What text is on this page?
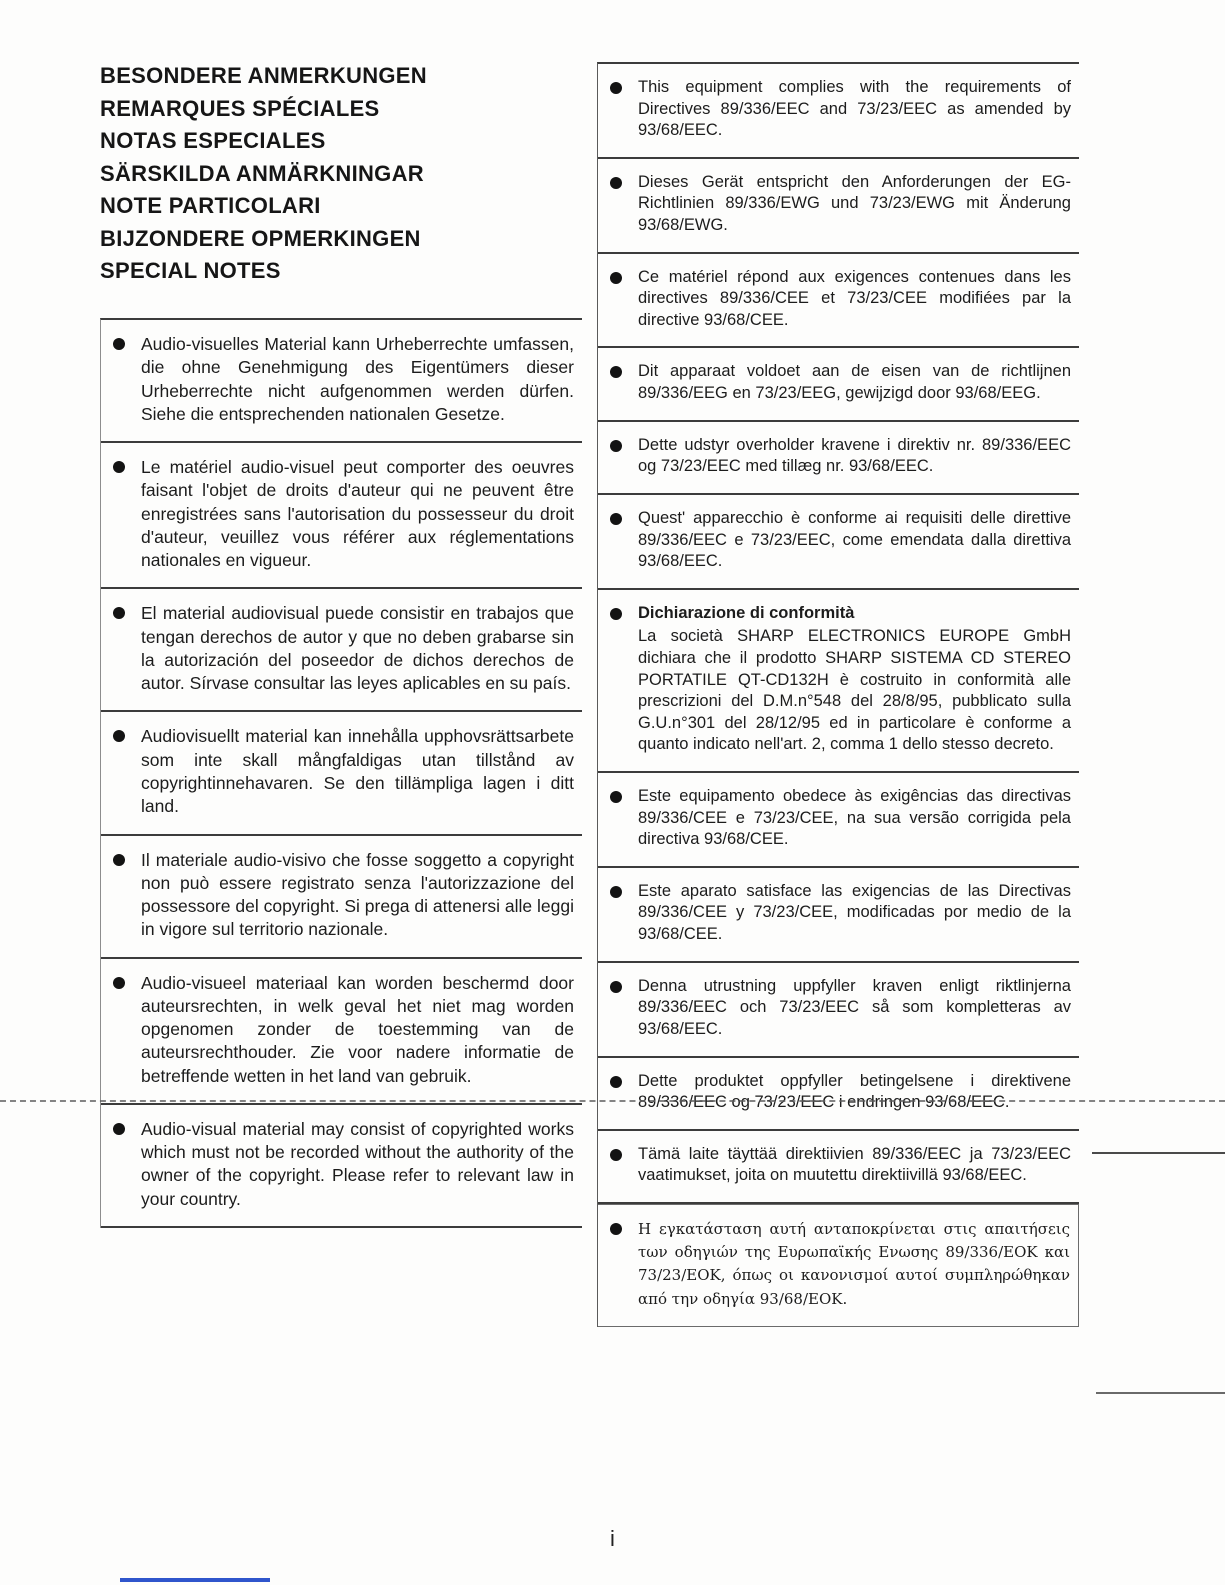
BESONDERE ANMERKUNGEN
REMARQUES SPÉCIALES
NOTAS ESPECIALES
SÄRSKILDA ANMÄRKNINGAR
NOTE PARTICOLARI
BIJZONDERE OPMERKINGEN
SPECIAL NOTES
Audio-visuelles Material kann Urheberrechte umfassen, die ohne Genehmigung des Eigentümers dieser Urheberrechte nicht aufgenommen werden dürfen. Siehe die entsprechenden nationalen Gesetze.
Le matériel audio-visuel peut comporter des oeuvres faisant l'objet de droits d'auteur qui ne peuvent être enregistrées sans l'autorisation du possesseur du droit d'auteur, veuillez vous référer aux réglementations nationales en vigueur.
El material audiovisual puede consistir en trabajos que tengan derechos de autor y que no deben grabarse sin la autorización del poseedor de dichos derechos de autor. Sírvase consultar las leyes aplicables en su país.
Audiovisuellt material kan innehålla upphovsrättsarbete som inte skall mångfaldigas utan tillstånd av copyrightinnehavaren. Se den tillämpliga lagen i ditt land.
Il materiale audio-visivo che fosse soggetto a copyright non può essere registrato senza l'autorizzazione del possessore del copyright. Si prega di attenersi alle leggi in vigore sul territorio nazionale.
Audio-visueel materiaal kan worden beschermd door auteursrechten, in welk geval het niet mag worden opgenomen zonder de toestemming van de auteursrechthouder. Zie voor nadere informatie de betreffende wetten in het land van gebruik.
Audio-visual material may consist of copyrighted works which must not be recorded without the authority of the owner of the copyright. Please refer to relevant law in your country.
This equipment complies with the requirements of Directives 89/336/EEC and 73/23/EEC as amended by 93/68/EEC.
Dieses Gerät entspricht den Anforderungen der EG-Richtlinien 89/336/EWG und 73/23/EWG mit Änderung 93/68/EWG.
Ce matériel répond aux exigences contenues dans les directives 89/336/CEE et 73/23/CEE modifiées par la directive 93/68/CEE.
Dit apparaat voldoet aan de eisen van de richtlijnen 89/336/EEG en 73/23/EEG, gewijzigd door 93/68/EEG.
Dette udstyr overholder kravene i direktiv nr. 89/336/EEC og 73/23/EEC med tillæg nr. 93/68/EEC.
Quest' apparecchio è conforme ai requisiti delle direttive 89/336/EEC e 73/23/EEC, come emendata dalla direttiva 93/68/EEC.
Dichiarazione di conformità
La società SHARP ELECTRONICS EUROPE GmbH dichiara che il prodotto SHARP SISTEMA CD STEREO PORTATILE QT-CD132H è costruito in conformità alle prescrizioni del D.M.n°548 del 28/8/95, pubblicato sulla G.U.n°301 del 28/12/95 ed in particolare è conforme a quanto indicato nell'art. 2, comma 1 dello stesso decreto.
Este equipamento obedece às exigências das directivas 89/336/CEE e 73/23/CEE, na sua versão corrigida pela directiva 93/68/CEE.
Este aparato satisface las exigencias de las Directivas 89/336/CEE y 73/23/CEE, modificadas por medio de la 93/68/CEE.
Denna utrustning uppfyller kraven enligt riktlinjerna 89/336/EEC och 73/23/EEC så som kompletteras av 93/68/EEC.
Dette produktet oppfyller betingelsene i direktivene 89/336/EEC og 73/23/EEC i endringen 93/68/EEC.
Tämä laite täyttää direktiivien 89/336/EEC ja 73/23/EEC vaatimukset, joita on muutettu direktiivillä 93/68/EEC.
Η εγκατάσταση αυτή ανταποκρίνεται στις απαιτήσεις των οδηγιών της Ευρωπαϊκής Ενωσης 89/336/ΕΟΚ και 73/23/ΕΟΚ, όπως οι κανονισμοί αυτοί συμπληρώθηκαν από την οδηγία 93/68/ΕΟΚ.
i
